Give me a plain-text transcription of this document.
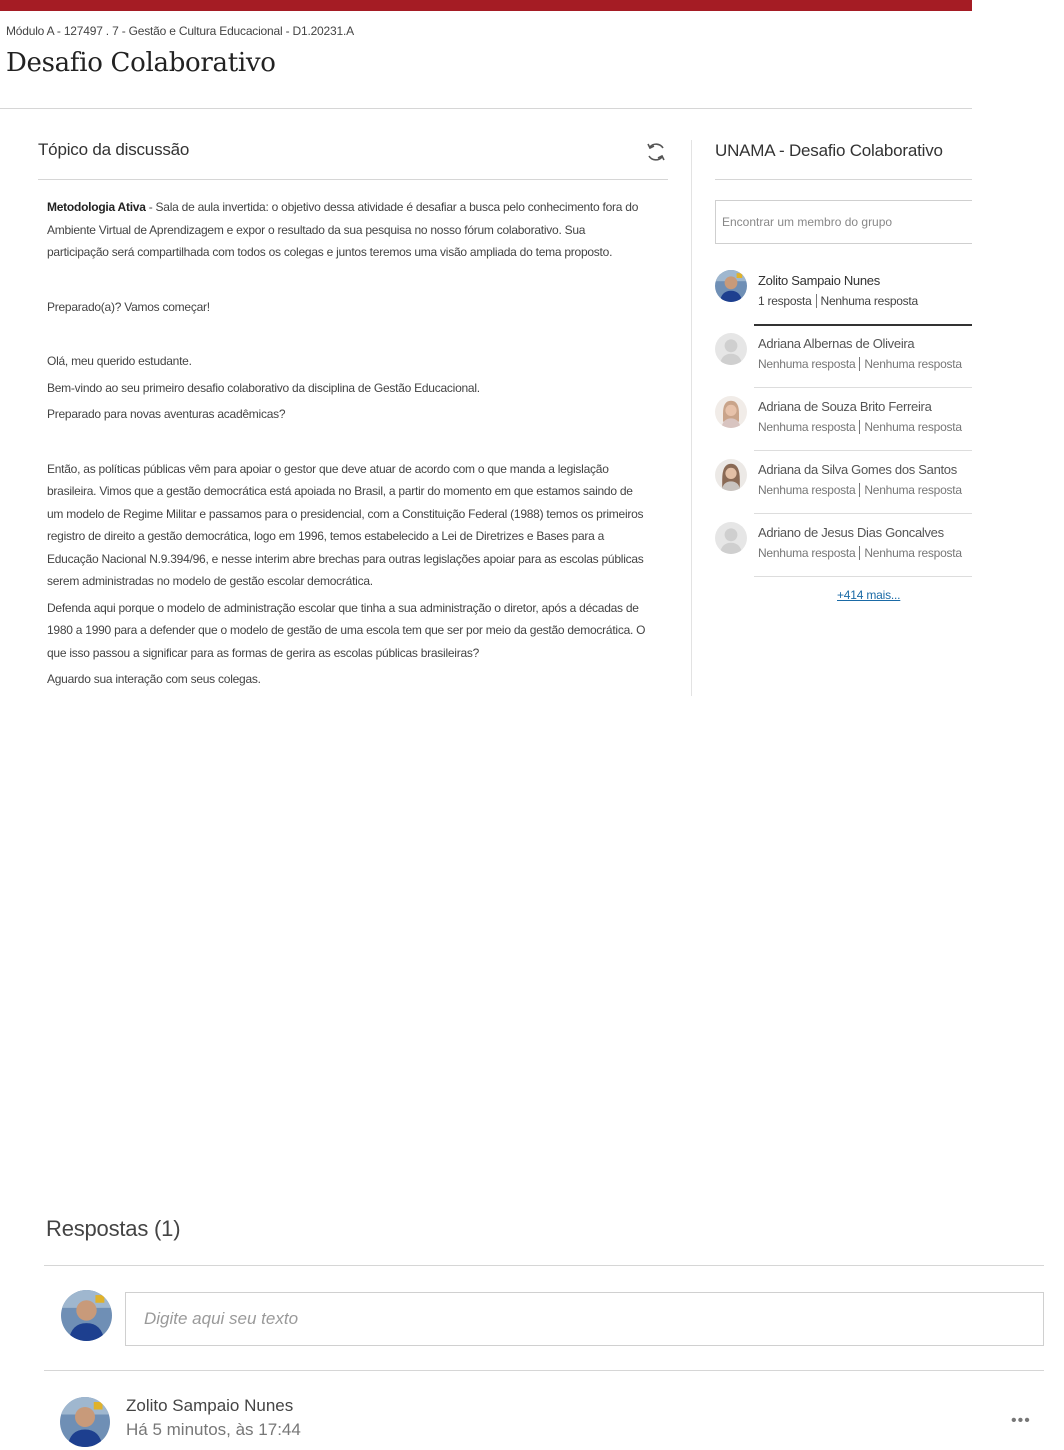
Módulo A - 127497 . 7 - Gestão e Cultura Educacional - D1.20231.A
Desafio Colaborativo
Tópico da discussão

Metodologia Ativa - Sala de aula invertida: o objetivo dessa atividade é desafiar a busca pelo conhecimento fora do Ambiente Virtual de Aprendizagem e expor o resultado da sua pesquisa no nosso fórum colaborativo. Sua participação será compartilhada com todos os colegas e juntos teremos uma visão ampliada do tema proposto.

Preparado(a)? Vamos começar!

Olá, meu querido estudante.

Bem-vindo ao seu primeiro desafio colaborativo da disciplina de Gestão Educacional.

Preparado para novas aventuras acadêmicas?

Então, as políticas públicas vêm para apoiar o gestor que deve atuar de acordo com o que manda a legislação brasileira. Vimos que a gestão democrática está apoiada no Brasil, a partir do momento em que estamos saindo de um modelo de Regime Militar e passamos para o presidencial, com a Constituição Federal (1988) temos os primeiros registro de direito a gestão democrática, logo em 1996, temos estabelecido a Lei de Diretrizes e Bases para a Educação Nacional N.9.394/96, e nesse interim abre brechas para outras legislações apoiar para as escolas públicas serem administradas no modelo de gestão escolar democrática.

Defenda aqui porque o modelo de administração escolar que tinha a sua administração o diretor, após a décadas de 1980 a 1990 para a defender que o modelo de gestão de uma escola tem que ser por meio da gestão democrática. O que isso passou a significar para as formas de gerira as escolas públicas brasileiras?

Aguardo sua interação com seus colegas.

UNAMA - Desafio Colaborativo
Encontrar um membro do grupo
Zolito Sampaio Nunes
1 resposta Nenhuma resposta
Adriana Albernas de Oliveira
Nenhuma resposta Nenhuma resposta
Adriana de Souza Brito Ferreira
Nenhuma resposta Nenhuma resposta
Adriana da Silva Gomes dos Santos
Nenhuma resposta Nenhuma resposta
Adriano de Jesus Dias Goncalves
Nenhuma resposta Nenhuma resposta
+414 mais...
Respostas (1)
Digite aqui seu texto
Zolito Sampaio Nunes
Há 5 minutos, às 17:44	•••
